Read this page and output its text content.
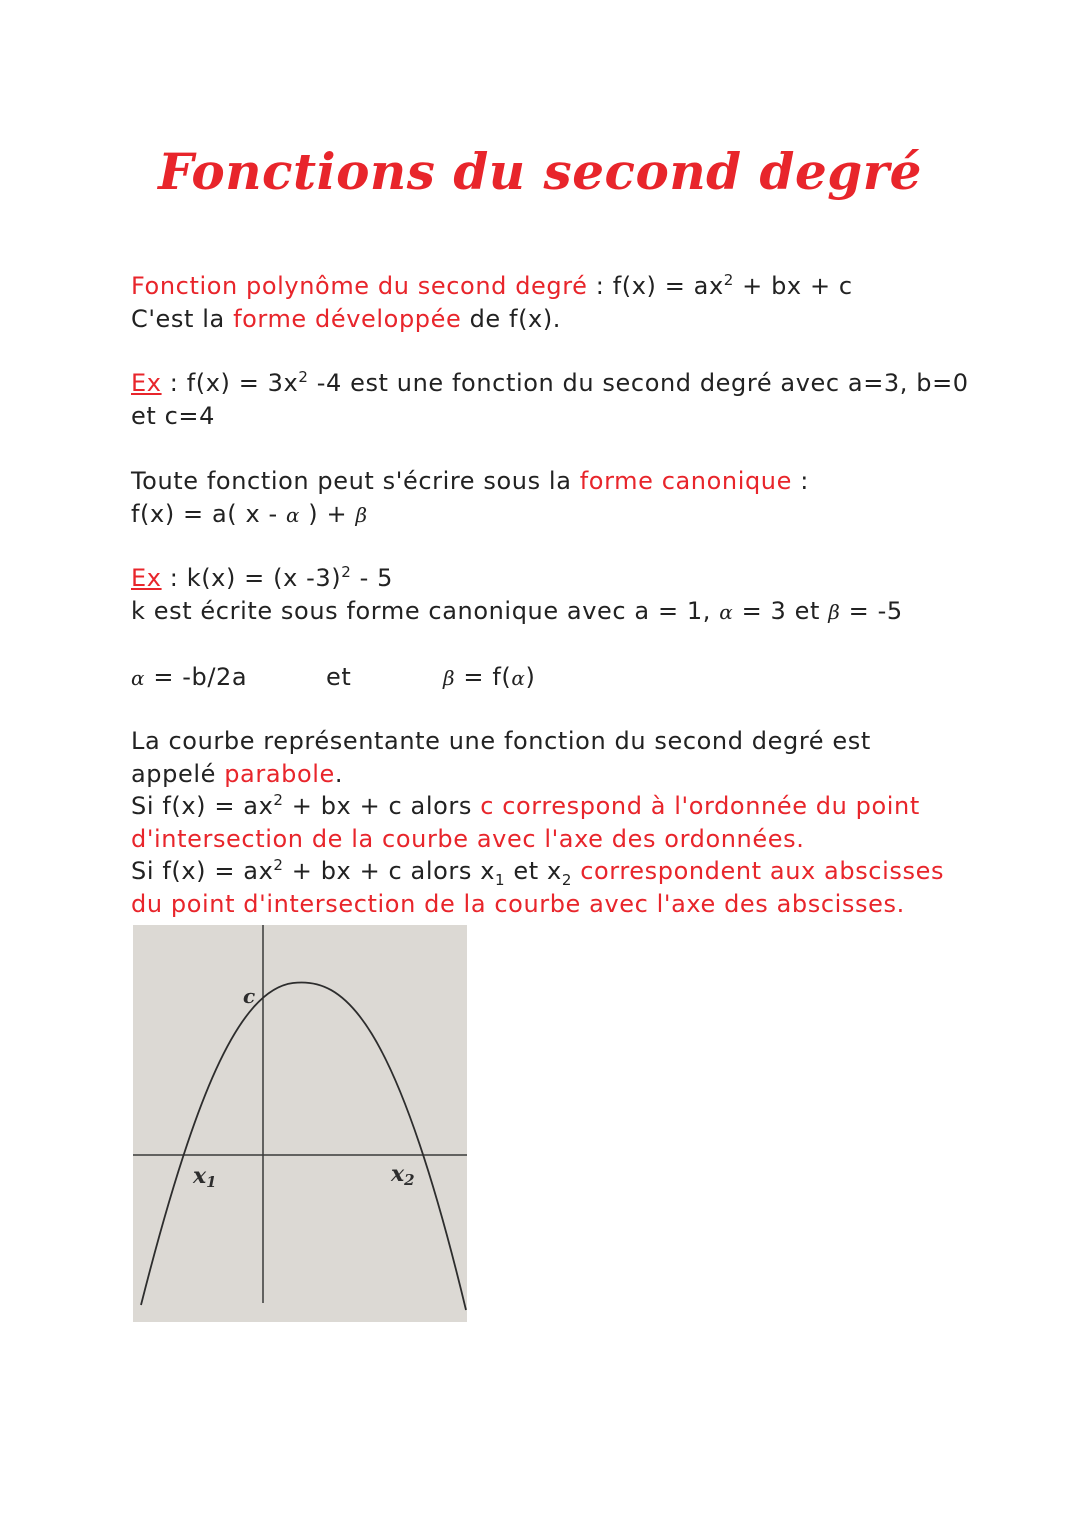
Fonctions du second degré
Fonction polynôme du second degré : $f(x) = ax^2$ + bx + c
C'est la forme développée de f(x).
Ex : $f(x) = 3x^2$ -4 est une fonction du second degré avec a=3, b=0
et c=4
Toute fonction peut s'écrire sous la forme canonique :
f(x) = a( x - α ) + β
Ex : k(x) = (x -3)$^2$ - 5
k est écrite sous forme canonique avec a = 1, α = 3 et β = -5
α = -b/2a	et	β = f(α)
La courbe représentante une fonction du second degré est
appelé parabole.
Si $f(x) = ax^2$ + bx + c alors c correspond à l'ordonnée du point
d'intersection de la courbe avec l'axe des ordonnées.
Si $f(x) = ax^2$ + bx + c alors $x_1$ et $x_2$ correspondent aux abscisses
du point d'intersection de la courbe avec l'axe des abscisses.
c
x1	x2
